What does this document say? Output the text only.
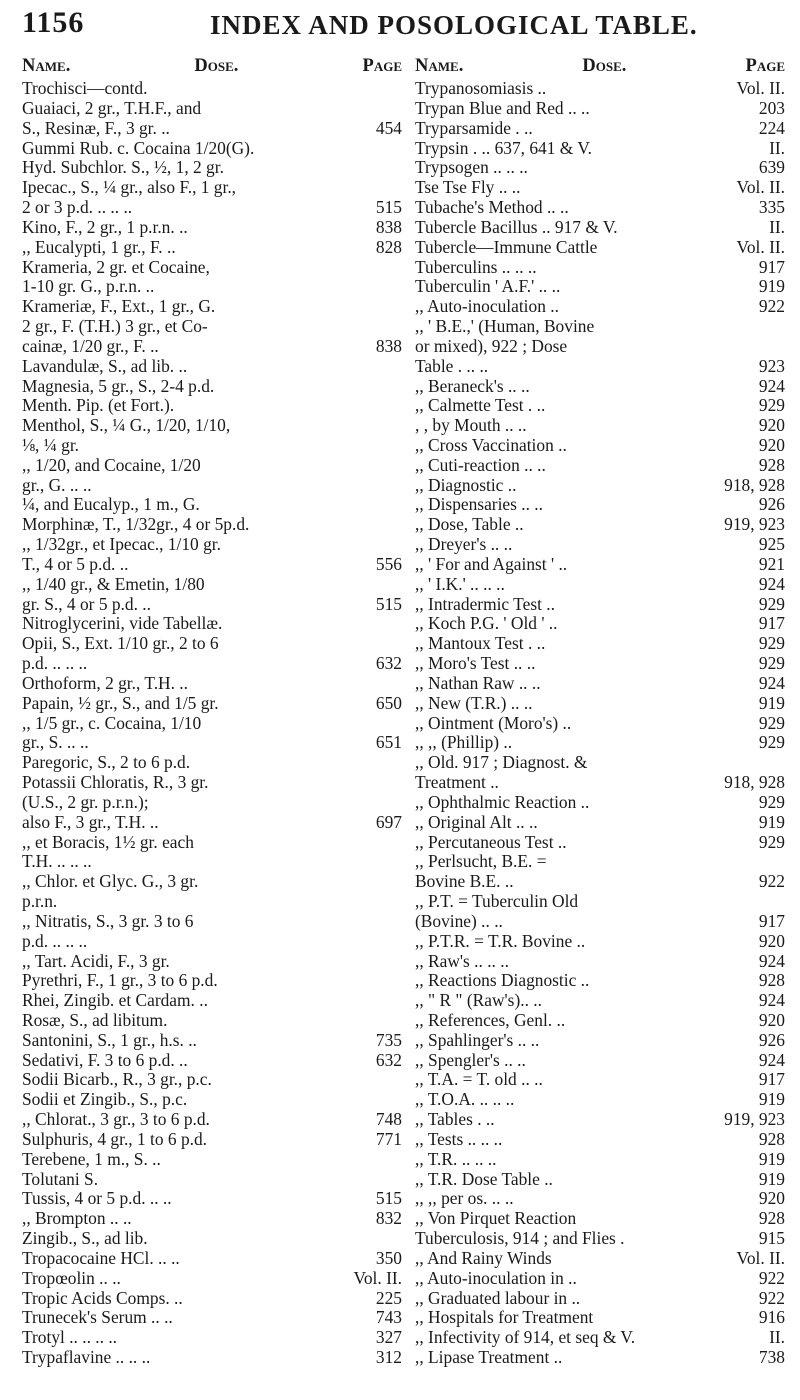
1156	INDEX AND POSOLOGICAL TABLE.
Name.	Dose.	Page
Trochisci—contd.
Guaiaci, 2 gr., T.H.F., and
S., Resinæ, F., 3 gr. ..	454
Gummi Rub. c. Cocaina 1/20(G).
Hyd. Subchlor. S., ½, 1, 2 gr.
Ipecac., S., ¼ gr., also F., 1 gr.,
2 or 3 p.d. .. .. ..	515
Kino, F., 2 gr., 1 p.r.n. ..	838
,, Eucalypti, 1 gr., F. ..	828
Krameria, 2 gr. et Cocaine,
1-10 gr. G., p.r.n. ..
Krameriæ, F., Ext., 1 gr., G.
2 gr., F. (T.H.) 3 gr., et Co-
cainæ, 1/20 gr., F. ..	838
Lavandulæ, S., ad lib. ..
Magnesia, 5 gr., S., 2-4 p.d.
Menth. Pip. (et Fort.).
Menthol, S., ¼ G., 1/20, 1/10,
⅛, ¼ gr.
,, 1/20, and Cocaine, 1/20
gr., G. .. ..
¼, and Eucalyp., 1 m., G.
Morphinæ, T., 1/32gr., 4 or 5p.d.
,, 1/32gr., et Ipecac., 1/10 gr.
T., 4 or 5 p.d. ..	556
,, 1/40 gr., & Emetin, 1/80
gr. S., 4 or 5 p.d. ..	515
Nitroglycerini, vide Tabellæ.
Opii, S., Ext. 1/10 gr., 2 to 6
p.d. .. .. ..	632
Orthoform, 2 gr., T.H. ..
Papain, ½ gr., S., and 1/5 gr.	650
,, 1/5 gr., c. Cocaina, 1/10
gr., S. .. ..	651
Paregoric, S., 2 to 6 p.d.
Potassii Chloratis, R., 3 gr.
(U.S., 2 gr. p.r.n.);
also F., 3 gr., T.H. ..	697
,, et Boracis, 1½ gr. each
T.H. .. .. ..
,, Chlor. et Glyc. G., 3 gr.
p.r.n.
,, Nitratis, S., 3 gr. 3 to 6
p.d. .. .. ..
,, Tart. Acidi, F., 3 gr.
Pyrethri, F., 1 gr., 3 to 6 p.d.
Rhei, Zingib. et Cardam. ..
Rosæ, S., ad libitum.
Santonini, S., 1 gr., h.s. ..	735
Sedativi, F. 3 to 6 p.d. ..	632
Sodii Bicarb., R., 3 gr., p.c.
Sodii et Zingib., S., p.c.
,, Chlorat., 3 gr., 3 to 6 p.d.	748
Sulphuris, 4 gr., 1 to 6 p.d.	771
Terebene, 1 m., S. ..
Tolutani S.
Tussis, 4 or 5 p.d. .. ..	515
,, Brompton .. ..	832
Zingib., S., ad lib.
Tropacocaine HCl. .. ..	350
Tropœolin .. ..	Vol. II.
Tropic Acids Comps. ..	225
Trunecek's Serum .. ..	743
Trotyl .. .. .. ..	327
Trypaflavine .. .. ..	312
Name.	Dose.	Page
Trypanosomiasis ..	Vol. II.
Trypan Blue and Red .. ..	203
Tryparsamide . ..	224
Trypsin . .. 637, 641 & V.	II.
Trypsogen .. .. ..	639
Tse Tse Fly .. ..	Vol. II.
Tubache's Method .. ..	335
Tubercle Bacillus .. 917 & V.	II.
Tubercle—Immune Cattle	Vol. II.
Tuberculins .. .. ..	917
Tuberculin ' A.F.' .. ..	919
,, Auto-inoculation ..	922
,, ' B.E.,' (Human, Bovine
or mixed), 922 ; Dose
Table . .. ..	923
,, Beraneck's .. ..	924
,, Calmette Test . ..	929
, , by Mouth .. ..	920
,, Cross Vaccination ..	920
,, Cuti-reaction .. ..	928
,, Diagnostic ..	918, 928
,, Dispensaries .. ..	926
,, Dose, Table ..	919, 923
,, Dreyer's .. ..	925
,, ' For and Against ' ..	921
,, ' I.K.' .. .. ..	924
,, Intradermic Test ..	929
,, Koch P.G. ' Old ' ..	917
,, Mantoux Test . ..	929
,, Moro's Test .. ..	929
,, Nathan Raw .. ..	924
,, New (T.R.) .. ..	919
,, Ointment (Moro's) ..	929
,, ,, (Phillip) ..	929
,, Old. 917 ; Diagnost. &
Treatment ..	918, 928
,, Ophthalmic Reaction ..	929
,, Original Alt .. ..	919
,, Percutaneous Test ..	929
,, Perlsucht, B.E. =
Bovine B.E. ..	922
,, P.T. = Tuberculin Old
(Bovine) .. ..	917
,, P.T.R. = T.R. Bovine ..	920
,, Raw's .. .. ..	924
,, Reactions Diagnostic ..	928
,, " R " (Raw's).. ..	924
,, References, Genl. ..	920
,, Spahlinger's .. ..	926
,, Spengler's .. ..	924
,, T.A. = T. old .. ..	917
,, T.O.A. .. .. ..	919
,, Tables . ..	919, 923
,, Tests .. .. ..	928
,, T.R. .. .. ..	919
,, T.R. Dose Table ..	919
,, ,, per os. .. ..	920
,, Von Pirquet Reaction	928
Tuberculosis, 914 ; and Flies .	915
,, And Rainy Winds	Vol. II.
,, Auto-inoculation in ..	922
,, Graduated labour in ..	922
,, Hospitals for Treatment	916
,, Infectivity of 914, et seq & V.	II.
,, Lipase Treatment ..	738
